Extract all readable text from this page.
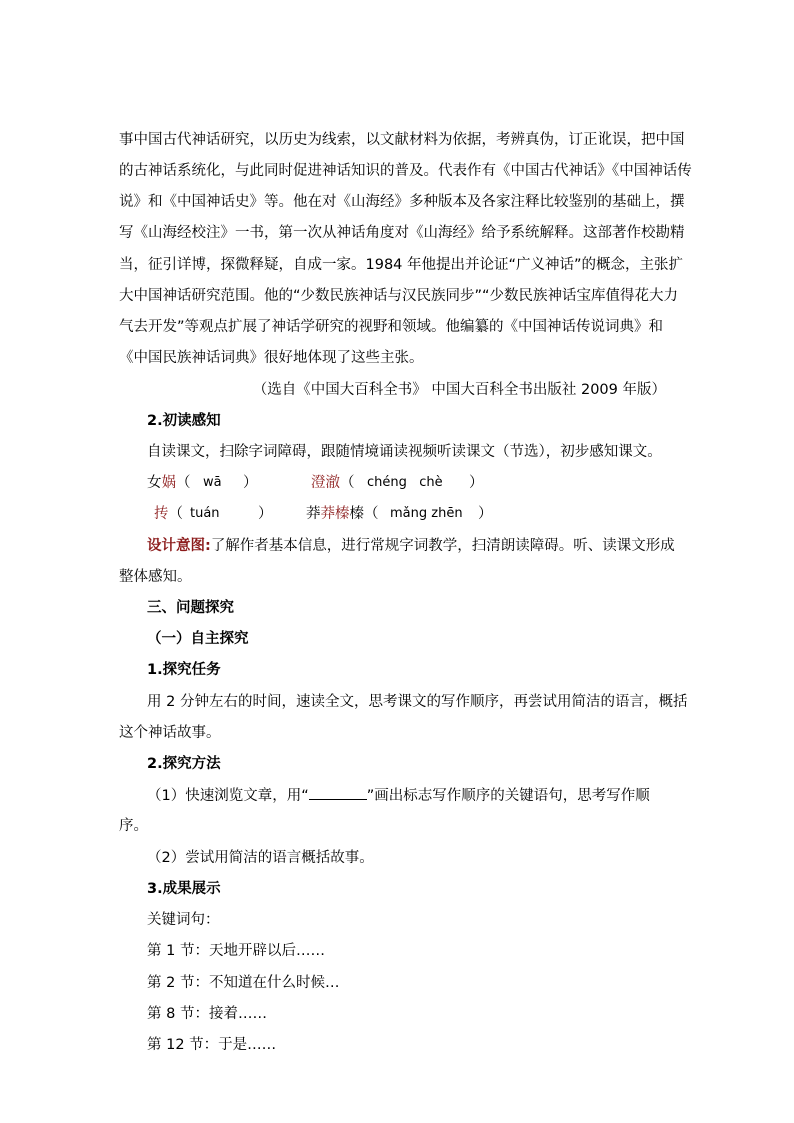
事中国古代神话研究，以历史为线索，以文献材料为依据，考辨真伪，订正讹误，把中国
的古神话系统化，与此同时促进神话知识的普及。代表作有《中国古代神话》《中国神话传
说》和《中国神话史》等。他在对《山海经》多种版本及各家注释比较鉴别的基础上，撰
写《山海经校注》一书，第一次从神话角度对《山海经》给予系统解释。这部著作校勘精
当，征引详博，探微释疑，自成一家。1984 年他提出并论证“广义神话”的概念，主张扩
大中国神话研究范围。他的“少数民族神话与汉民族同步”“少数民族神话宝库值得花大力
气去开发”等观点扩展了神话学研究的视野和领域。他编纂的《中国神话传说词典》和
《中国民族神话词典》很好地体现了这些主张。
（选自《中国大百科全书》 中国大百科全书出版社 2009 年版）
2.初读感知
自读课文，扫除字词障碍，跟随情境诵读视频听读课文（节选），初步感知课文。
女娲（ wā ）	澄澈（ chéng   chè ）
抟（ tuán	） 莽莽榛榛（ mǎng zhēn ）
设计意图:了解作者基本信息，进行常规字词教学，扫清朗读障碍。听、读课文形成
整体感知。
三、问题探究
（一）自主探究
1.探究任务
用 2 分钟左右的时间，速读全文，思考课文的写作顺序，再尝试用简洁的语言，概括
这个神话故事。
2.探究方法
（1）快速浏览文章，用“	”画出标志写作顺序的关键语句，思考写作顺
序。
（2）尝试用简洁的语言概括故事。
3.成果展示
关键词句：
第 1 节：天地开辟以后……
第 2 节：不知道在什么时候…
第 8 节：接着……
第 12 节：于是……
